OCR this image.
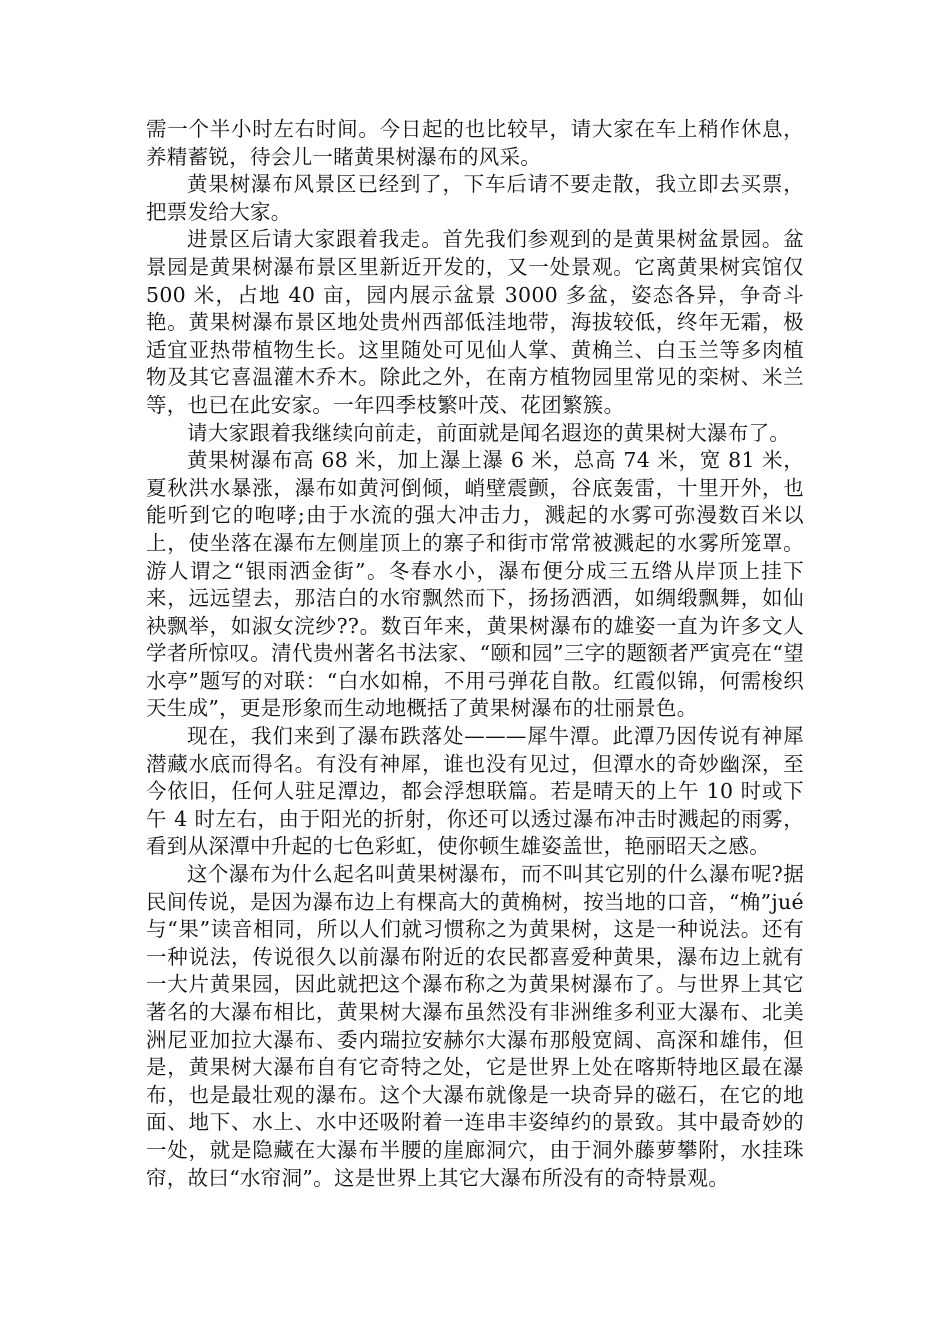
需一个半小时左右时间。今日起的也比较早，请大家在车上稍作休息，养精蓄锐，待会儿一睹黄果树瀑布的风采。

黄果树瀑布风景区已经到了，下车后请不要走散，我立即去买票，把票发给大家。

进景区后请大家跟着我走。首先我们参观到的是黄果树盆景园。盆景园是黄果树瀑布景区里新近开发的，又一处景观。它离黄果树宾馆仅 500 米，占地 40 亩，园内展示盆景 3000 多盆，姿态各异，争奇斗艳。黄果树瀑布景区地处贵州西部低洼地带，海拔较低，终年无霜，极适宜亚热带植物生长。这里随处可见仙人掌、黄桷兰、白玉兰等多肉植物及其它喜温灌木乔木。除此之外，在南方植物园里常见的栾树、米兰等，也已在此安家。一年四季枝繁叶茂、花团繁簇。

请大家跟着我继续向前走，前面就是闻名遐迩的黄果树大瀑布了。

黄果树瀑布高 68 米，加上瀑上瀑 6 米，总高 74 米，宽 81 米，夏秋洪水暴涨，瀑布如黄河倒倾，峭壁震颤，谷底轰雷，十里开外，也能听到它的咆哮;由于水流的强大冲击力，溅起的水雾可弥漫数百米以上，使坐落在瀑布左侧崖顶上的寨子和街市常常被溅起的水雾所笼罩。游人谓之“银雨洒金街”。冬春水小，瀑布便分成三五绺从岸顶上挂下来，远远望去，那洁白的水帘飘然而下，扬扬洒洒，如绸缎飘舞，如仙袂飘举，如淑女浣纱??。数百年来，黄果树瀑布的雄姿一直为许多文人学者所惊叹。清代贵州著名书法家、“颐和园”三字的题额者严寅亮在“望水亭”题写的对联：“白水如棉，不用弓弹花自散。红霞似锦，何需梭织天生成”，更是形象而生动地概括了黄果树瀑布的壮丽景色。

现在，我们来到了瀑布跌落处———犀牛潭。此潭乃因传说有神犀潜藏水底而得名。有没有神犀，谁也没有见过，但潭水的奇妙幽深，至今依旧，任何人驻足潭边，都会浮想联篇。若是晴天的上午 10 时或下午 4 时左右，由于阳光的折射，你还可以透过瀑布冲击时溅起的雨雾，看到从深潭中升起的七色彩虹，使你顿生雄姿盖世，艳丽昭天之感。

这个瀑布为什么起名叫黄果树瀑布，而不叫其它别的什么瀑布呢?据民间传说，是因为瀑布边上有棵高大的黄桷树，按当地的口音，“桷”jué 与“果”读音相同，所以人们就习惯称之为黄果树，这是一种说法。还有一种说法，传说很久以前瀑布附近的农民都喜爱种黄果，瀑布边上就有一大片黄果园，因此就把这个瀑布称之为黄果树瀑布了。与世界上其它著名的大瀑布相比，黄果树大瀑布虽然没有非洲维多利亚大瀑布、北美洲尼亚加拉大瀑布、委内瑞拉安赫尔大瀑布那般宽阔、高深和雄伟，但是，黄果树大瀑布自有它奇特之处，它是世界上处在喀斯特地区最在瀑布，也是最壮观的瀑布。这个大瀑布就像是一块奇异的磁石，在它的地面、地下、水上、水中还吸附着一连串丰姿绰约的景致。其中最奇妙的一处，就是隐藏在大瀑布半腰的崖廊洞穴，由于洞外藤萝攀附，水挂珠帘，故曰“水帘洞”。这是世界上其它大瀑布所没有的奇特景观。
